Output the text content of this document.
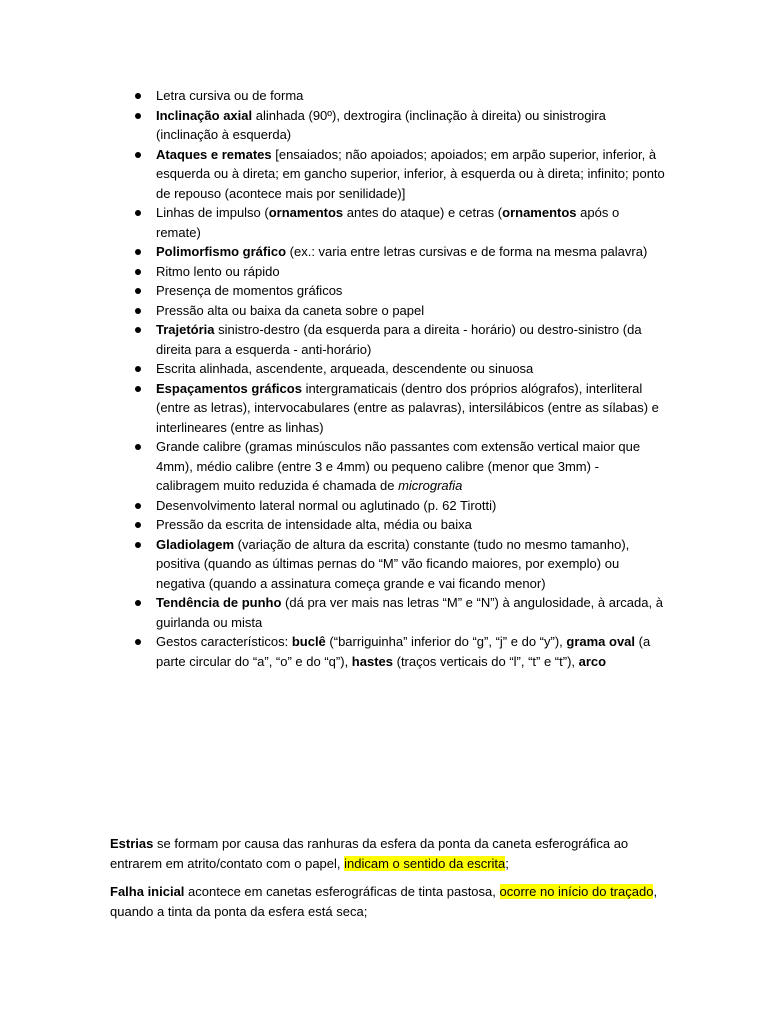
Letra cursiva ou de forma
Inclinação axial alinhada (90º), dextrogira (inclinação à direita) ou sinistrogira (inclinação à esquerda)
Ataques e remates [ensaiados; não apoiados; apoiados; em arpão superior, inferior, à esquerda ou à direta; em gancho superior, inferior, à esquerda ou à direta; infinito; ponto de repouso (acontece mais por senilidade)]
Linhas de impulso (ornamentos antes do ataque) e cetras (ornamentos após o remate)
Polimorfismo gráfico (ex.: varia entre letras cursivas e de forma na mesma palavra)
Ritmo lento ou rápido
Presença de momentos gráficos
Pressão alta ou baixa da caneta sobre o papel
Trajetória sinistro-destro (da esquerda para a direita - horário) ou destro-sinistro (da direita para a esquerda - anti-horário)
Escrita alinhada, ascendente, arqueada, descendente ou sinuosa
Espaçamentos gráficos intergramaticais (dentro dos próprios alógrafos), interliteral (entre as letras), intervocabulares (entre as palavras), intersilábicos (entre as sílabas) e interlineares (entre as linhas)
Grande calibre (gramas minúsculos não passantes com extensão vertical maior que 4mm), médio calibre (entre 3 e 4mm) ou pequeno calibre (menor que 3mm) - calibragem muito reduzida é chamada de micrografia
Desenvolvimento lateral normal ou aglutinado (p. 62 Tirotti)
Pressão da escrita de intensidade alta, média ou baixa
Gladiolagem (variação de altura da escrita) constante (tudo no mesmo tamanho), positiva (quando as últimas pernas do “M” vão ficando maiores, por exemplo) ou negativa (quando a assinatura começa grande e vai ficando menor)
Tendência de punho (dá pra ver mais nas letras “M” e “N”) à angulosidade, à arcada, à guirlanda ou mista
Gestos característicos: buclê (“barriguinha” inferior do “g”, “j” e do “y”), grama oval (a parte circular do “a”, “o” e do “q”), hastes (traços verticais do “l”, “t” e “t”), arco

Estrias se formam por causa das ranhuras da esfera da ponta da caneta esferográfica ao entrarem em atrito/contato com o papel, indicam o sentido da escrita;

Falha inicial acontece em canetas esferográficas de tinta pastosa, ocorre no início do traçado, quando a tinta da ponta da esfera está seca;
